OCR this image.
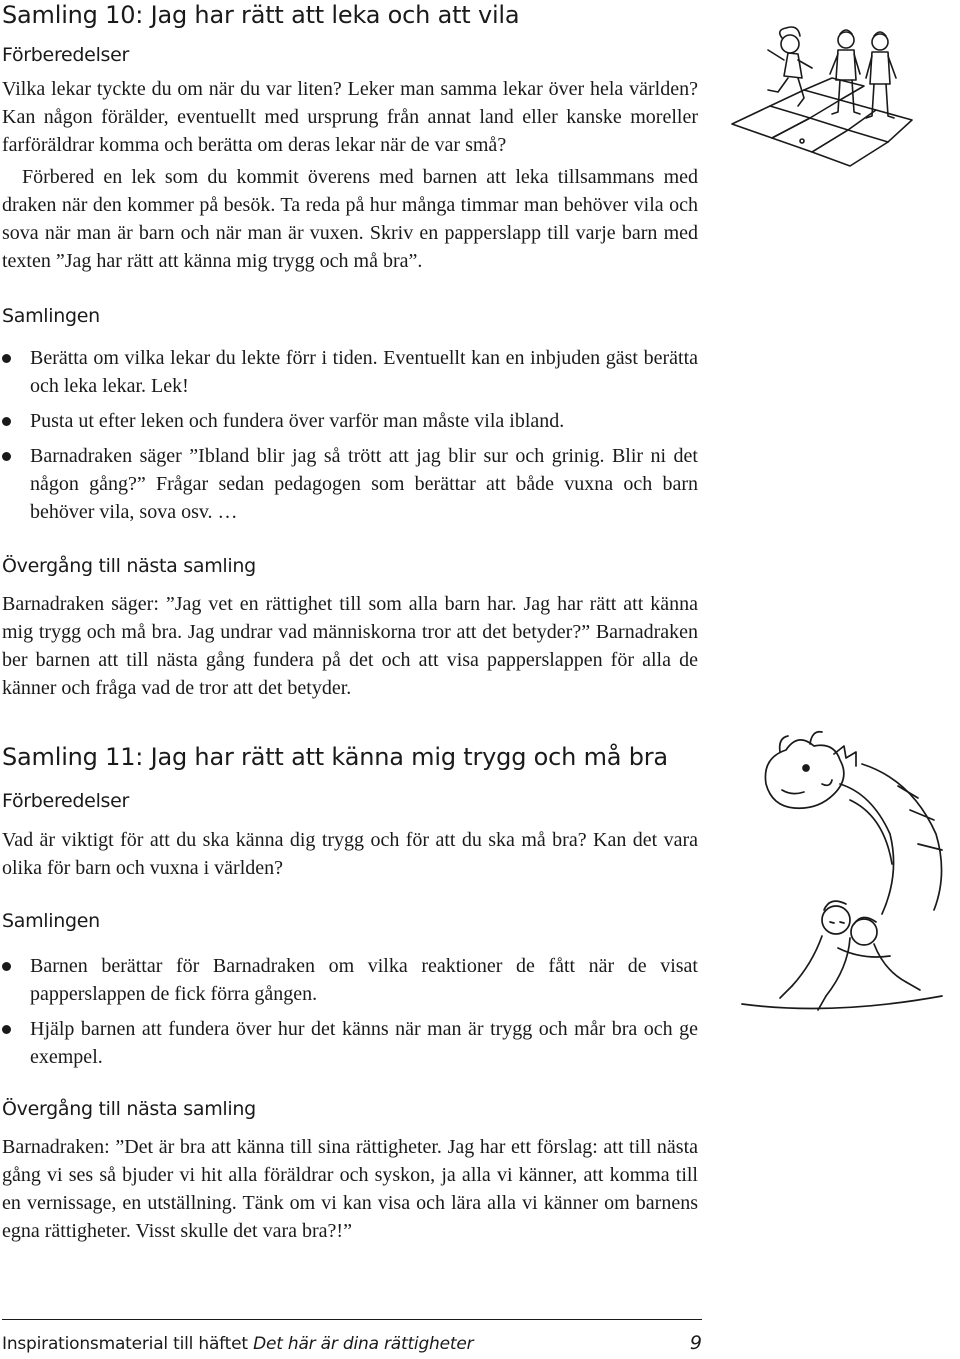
Samling 10: Jag har rätt att leka och att vila
Förberedelser

Vilka lekar tyckte du om när du var liten? Leker man samma lekar över hela världen? Kan någon förälder, eventuellt med ursprung från annat land eller kanske moreller farföräldrar komma och berätta om deras lekar när de var små?

Förbered en lek som du kommit överens med barnen att leka tillsammans med draken när den kommer på besök. Ta reda på hur många timmar man behöver vila och sova när man är barn och när man är vuxen. Skriv en papperslapp till varje barn med texten ”Jag har rätt att känna mig trygg och må bra”.

Samlingen
Berätta om vilka lekar du lekte förr i tiden. Eventuellt kan en inbjuden gäst berätta och leka lekar. Lek!
Pusta ut efter leken och fundera över varför man måste vila ibland.
Barnadraken säger ”Ibland blir jag så trött att jag blir sur och grinig. Blir ni det någon gång?” Frågar sedan pedagogen som berättar att både vuxna och barn behöver vila, sova osv. …
Övergång till nästa samling

Barnadraken säger: ”Jag vet en rättighet till som alla barn har. Jag har rätt att känna mig trygg och må bra. Jag undrar vad människorna tror att det betyder?” Barnadraken ber barnen att till nästa gång fundera på det och att visa papperslappen för alla de känner och fråga vad de tror att det betyder.

Samling 11: Jag har rätt att känna mig trygg och må bra
Förberedelser

Vad är viktigt för att du ska känna dig trygg och för att du ska må bra? Kan det vara olika för barn och vuxna i världen?

Samlingen
Barnen berättar för Barnadraken om vilka reaktioner de fått när de visat papperslappen de fick förra gången.
Hjälp barnen att fundera över hur det känns när man är trygg och mår bra och ge exempel.
Övergång till nästa samling

Barnadraken: ”Det är bra att känna till sina rättigheter. Jag har ett förslag: att till nästa gång vi ses så bjuder vi hit alla föräldrar och syskon, ja alla vi känner, att komma till en vernissage, en utställning. Tänk om vi kan visa och lära alla vi känner om barnens egna rättigheter. Visst skulle det vara bra?!”

Inspirationsmaterial till häftet Det här är dina rättigheter	9
